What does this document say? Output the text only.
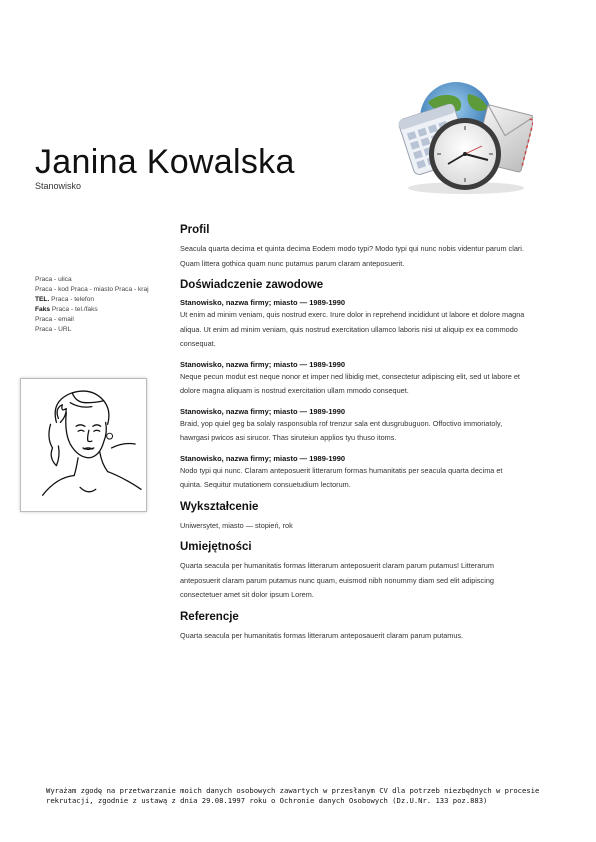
Janina Kowalska
Stanowisko
Praca - ulica
Praca - kod Praca - miasto Praca - kraj
TEL. Praca - telefon
Faks Praca - tel./faks
Praca - email
Praca - URL
Profil

Seacula quarta decima et quinta decima Eodem modo typi? Modo typi qui nunc nobis videntur parum clari. Quam littera gothica quam nunc putamus parum claram anteposuerit.

Doświadczenie zawodowe

Stanowisko, nazwa firmy; miasto — 1989-1990

Ut enim ad minim veniam, quis nostrud exerc. Irure dolor in reprehend incididunt ut labore et dolore magna aliqua. Ut enim ad minim veniam, quis nostrud exercitation ullamco laboris nisi ut aliquip ex ea commodo consequat.

Stanowisko, nazwa firmy; miasto — 1989-1990

Neque pecun modut est neque nonor et imper ned libidig met, consectetur adipiscing elit, sed ut labore et dolore magna aliquam is nostrud exercitation ullam mmodo consequet.

Stanowisko, nazwa firmy; miasto — 1989-1990

Braid, yop quiel geg ba solaly rasponsubla rof trenzur sala ent dusgrubuguon. Offoctivo immoriatoly, hawrgasi pwicos asi sirucor. Thas siruteiun applios tyu thuso itoms.

Stanowisko, nazwa firmy; miasto — 1989-1990

Nodo typi qui nunc. Claram anteposuerit litterarum formas humanitatis per seacula quarta decima et quinta. Sequitur mutationem consuetudium lectorum.

Wykształcenie

Uniwersytet, miasto — stopień, rok

Umiejętności

Quarta seacula per humanitatis formas litterarum anteposuerit claram parum putamus! Litterarum anteposuerit claram parum putamus nunc quam, euismod nibh nonummy diam sed elit adipiscing consectetuer amet sit dolor ipsum Lorem.

Referencje

Quarta seacula per humanitatis formas litterarum anteposauerit claram parum putamus.

Wyrażam zgodę na przetwarzanie moich danych osobowych zawartych w przesłanym CV dla potrzeb niezbędnych w procesie rekrutacji, zgodnie z ustawą z dnia 29.08.1997 roku o Ochronie danych Osobowych (Dz.U.Nr. 133 poz.883)
